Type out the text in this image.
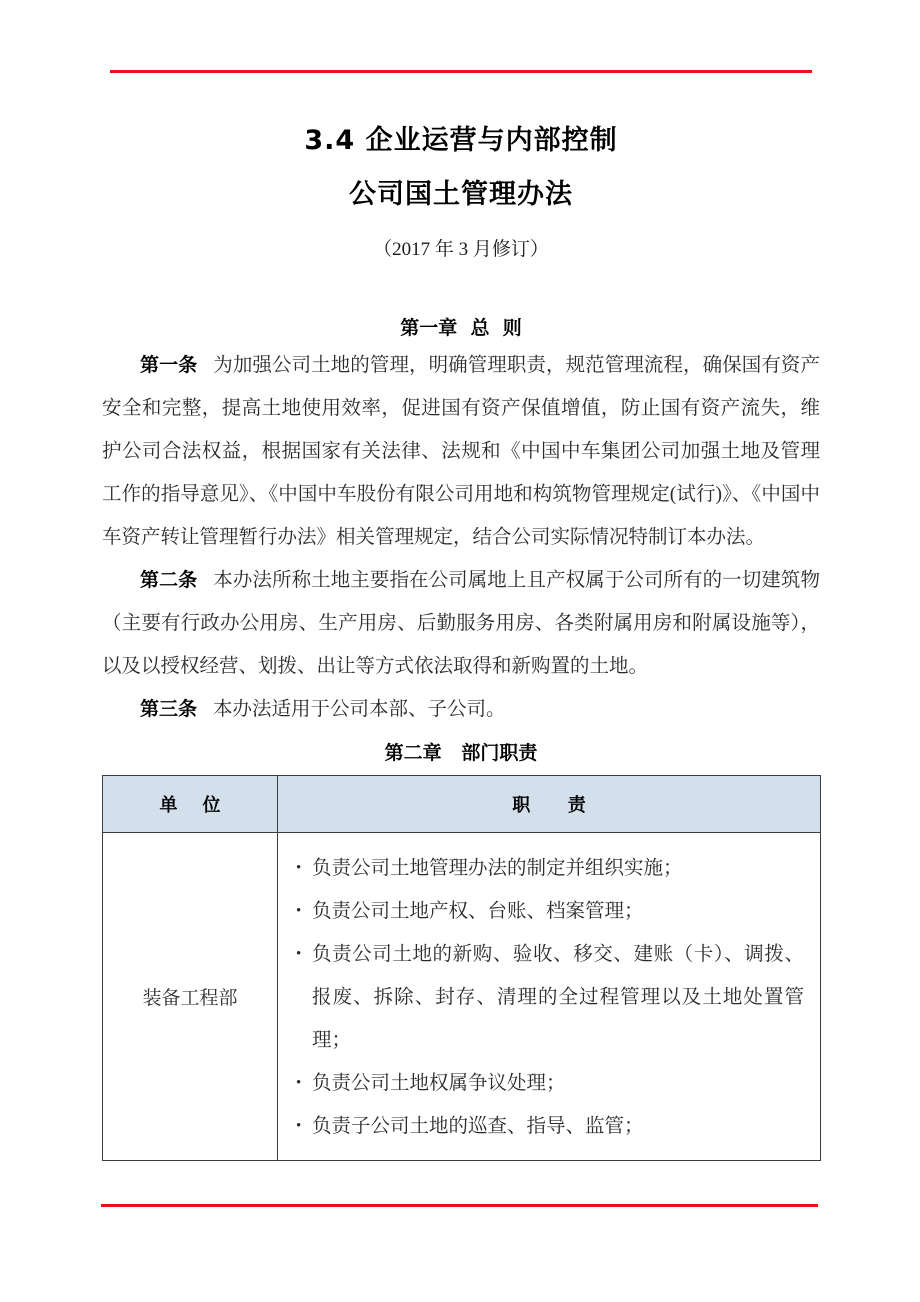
3.4 企业运营与内部控制
公司国土管理办法
（2017 年 3 月修订）
第一章  总  则

第一条 为加强公司土地的管理，明确管理职责，规范管理流程，确保国有资产安全和完整，提高土地使用效率，促进国有资产保值增值，防止国有资产流失，维护公司合法权益，根据国家有关法律、法规和《中国中车集团公司加强土地及管理工作的指导意见》、《中国中车股份有限公司用地和构筑物管理规定(试行)》、《中国中车资产转让管理暂行办法》相关管理规定，结合公司实际情况特制订本办法。

第二条 本办法所称土地主要指在公司属地上且产权属于公司所有的一切建筑物（主要有行政办公用房、生产用房、后勤服务用房、各类附属用房和附属设施等），以及以授权经营、划拨、出让等方式依法取得和新购置的土地。

第三条 本办法适用于公司本部、子公司。

第二章   部门职责
单    位	职      责
装备工程部	
• 负责公司土地管理办法的制定并组织实施；
• 负责公司土地产权、台账、档案管理；
• 负责公司土地的新购、验收、移交、建账（卡）、调拨、报废、拆除、封存、清理的全过程管理以及土地处置管理；
• 负责公司土地权属争议处理；
• 负责子公司土地的巡查、指导、监管；
